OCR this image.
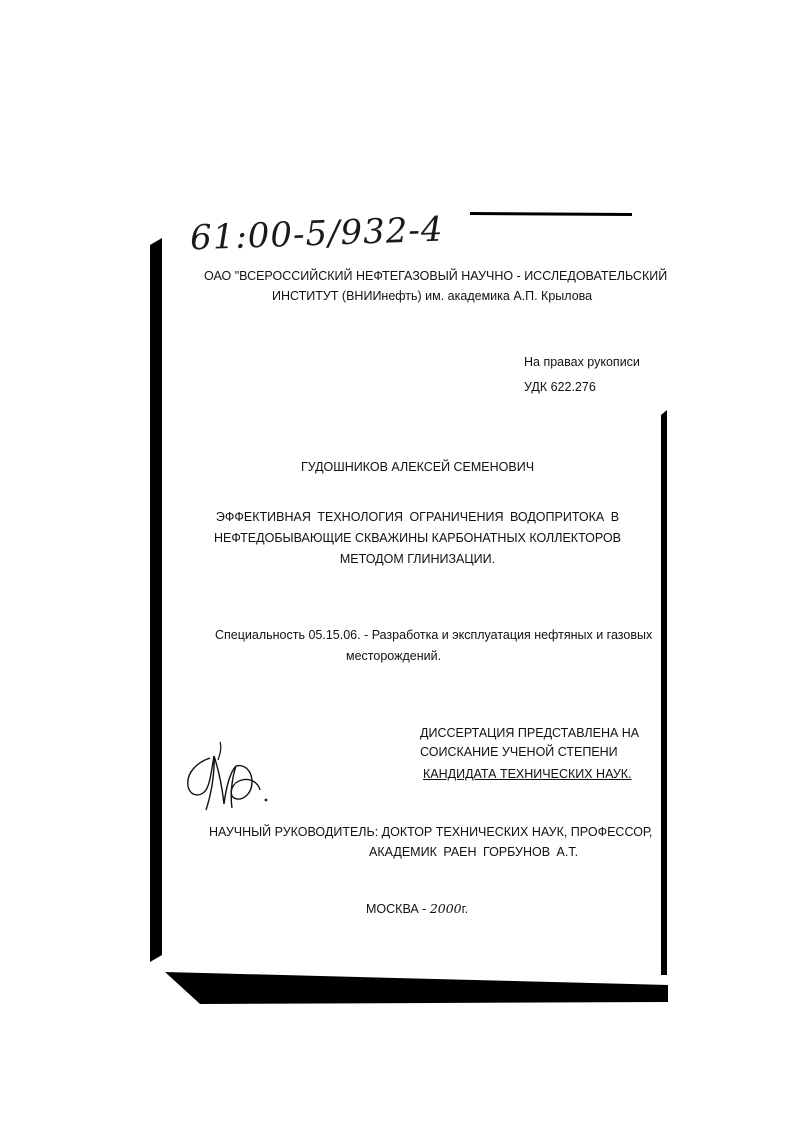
61:00-5/932-4
ОАО "ВСЕРОССИЙСКИЙ НЕФТЕГАЗОВЫЙ НАУЧНО - ИССЛЕДОВАТЕЛЬСКИЙ
ИНСТИТУТ (ВНИИнефть) им. академика А.П. Крылова
На правах рукописи
УДК 622.276
ГУДОШНИКОВ АЛЕКСЕЙ СЕМЕНОВИЧ
ЭФФЕКТИВНАЯ ТЕХНОЛОГИЯ ОГРАНИЧЕНИЯ ВОДОПРИТОКА В
НЕФТЕДОБЫВАЮЩИЕ СКВАЖИНЫ КАРБОНАТНЫХ КОЛЛЕКТОРОВ
МЕТОДОМ ГЛИНИЗАЦИИ.
Специальность 05.15.06. - Разработка и эксплуатация нефтяных и газовых
месторождений.
ДИССЕРТАЦИЯ ПРЕДСТАВЛЕНА НА
СОИСКАНИЕ УЧЕНОЙ СТЕПЕНИ
КАНДИДАТА ТЕХНИЧЕСКИХ НАУК.
НАУЧНЫЙ РУКОВОДИТЕЛЬ: ДОКТОР ТЕХНИЧЕСКИХ НАУК, ПРОФЕССОР,
АКАДЕМИК РАЕН ГОРБУНОВ А.Т.
МОСКВА - 2000г.
